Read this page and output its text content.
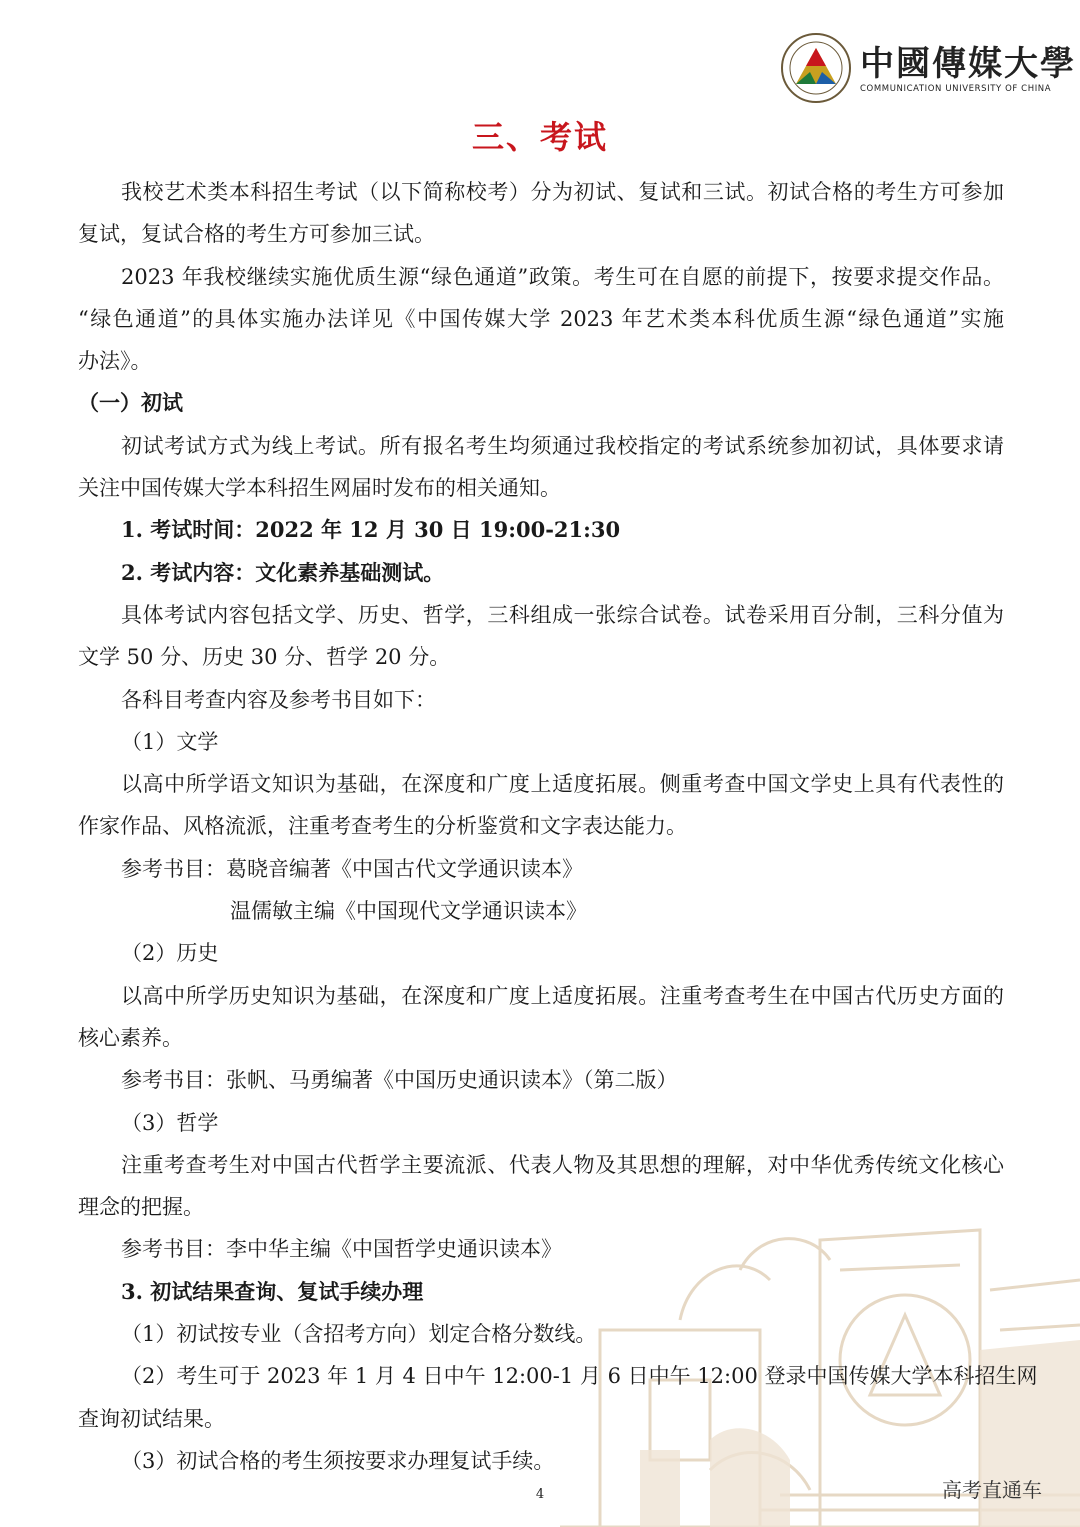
中國傳媒大學
COMMUNICATION UNIVERSITY OF CHINA
三、考试
我校艺术类本科招生考试（以下简称校考）分为初试、复试和三试。初试合格的考生方可参加
复试，复试合格的考生方可参加三试。
2023 年我校继续实施优质生源“绿色通道”政策。考生可在自愿的前提下，按要求提交作品。
“绿色通道”的具体实施办法详见《中国传媒大学 2023 年艺术类本科优质生源“绿色通道”实施
办法》。
（一）初试
初试考试方式为线上考试。所有报名考生均须通过我校指定的考试系统参加初试，具体要求请
关注中国传媒大学本科招生网届时发布的相关通知。
1. 考试时间：2022 年 12 月 30 日 19:00-21:30
2. 考试内容：文化素养基础测试。
具体考试内容包括文学、历史、哲学，三科组成一张综合试卷。试卷采用百分制，三科分值为
文学 50 分、历史 30 分、哲学 20 分。
各科目考查内容及参考书目如下：
（1）文学
以高中所学语文知识为基础，在深度和广度上适度拓展。侧重考查中国文学史上具有代表性的
作家作品、风格流派，注重考查考生的分析鉴赏和文字表达能力。
参考书目：葛晓音编著《中国古代文学通识读本》
温儒敏主编《中国现代文学通识读本》
（2）历史
以高中所学历史知识为基础，在深度和广度上适度拓展。注重考查考生在中国古代历史方面的
核心素养。
参考书目：张帆、马勇编著《中国历史通识读本》（第二版）
（3）哲学
注重考查考生对中国古代哲学主要流派、代表人物及其思想的理解，对中华优秀传统文化核心
理念的把握。
参考书目：李中华主编《中国哲学史通识读本》
3. 初试结果查询、复试手续办理
（1）初试按专业（含招考方向）划定合格分数线。
（2）考生可于 2023 年 1 月 4 日中午 12:00-1 月 6 日中午 12:00 登录中国传媒大学本科招生网
查询初试结果。
（3）初试合格的考生须按要求办理复试手续。
4	高考直通车
